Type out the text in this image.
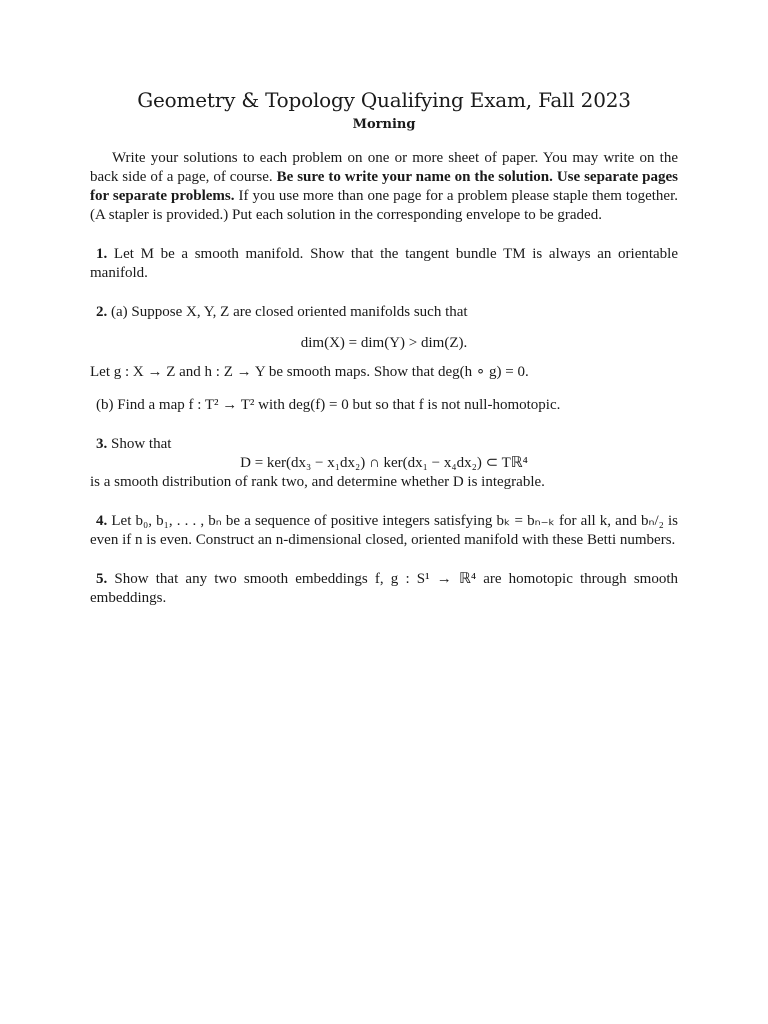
Geometry & Topology Qualifying Exam, Fall 2023
Morning

Write your solutions to each problem on one or more sheet of paper. You may write on the back side of a page, of course. Be sure to write your name on the solution. Use separate pages for separate problems. If you use more than one page for a problem please staple them together. (A stapler is provided.) Put each solution in the corresponding envelope to be graded.

1. Let M be a smooth manifold. Show that the tangent bundle TM is always an orientable manifold.

2. (a) Suppose X, Y, Z are closed oriented manifolds such that

dim(X) = dim(Y) > dim(Z).

Let g : X → Z and h : Z → Y be smooth maps. Show that deg(h ∘ g) = 0.

(b) Find a map f : T² → T² with deg(f) = 0 but so that f is not null-homotopic.

3. Show that

D = ker(dx₃ − x₁dx₂) ∩ ker(dx₁ − x₄dx₂) ⊂ Tℝ⁴

is a smooth distribution of rank two, and determine whether D is integrable.

4. Let b₀, b₁, . . . , bₙ be a sequence of positive integers satisfying bₖ = bₙ₋ₖ for all k, and bₙ/₂ is even if n is even. Construct an n-dimensional closed, oriented manifold with these Betti numbers.

5. Show that any two smooth embeddings f, g : S¹ → ℝ⁴ are homotopic through smooth embeddings.
